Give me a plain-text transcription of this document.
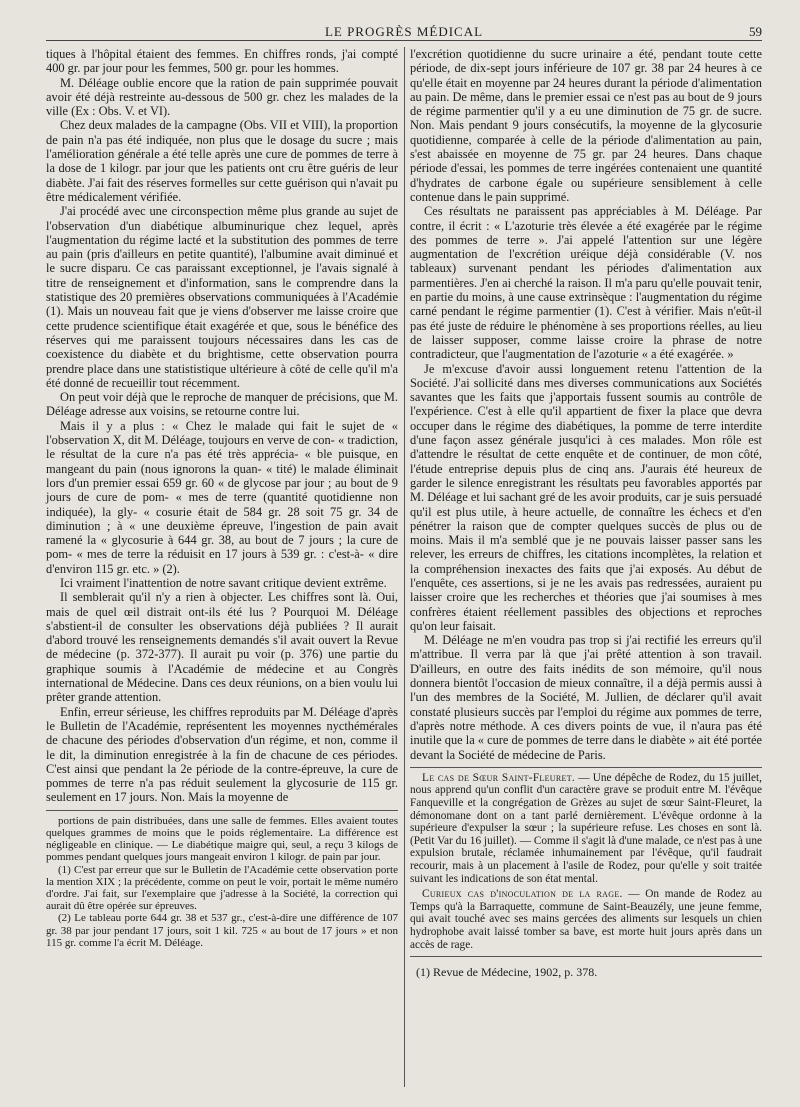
LE PROGRÈS MÉDICAL	59

tiques à l'hôpital étaient des femmes. En chiffres ronds, j'ai compté 400 gr. par jour pour les femmes, 500 gr. pour les hommes.

M. Déléage oublie encore que la ration de pain supprimée pouvait avoir été déjà restreinte au-dessous de 500 gr. chez les malades de la ville (Ex : Obs. V. et VI).

Chez deux malades de la campagne (Obs. VII et VIII), la proportion de pain n'a pas été indiquée, non plus que le dosage du sucre ; mais l'amélioration générale a été telle après une cure de pommes de terre à la dose de 1 kilogr. par jour que les patients ont cru être guéris de leur diabète. J'ai fait des réserves formelles sur cette guérison qui n'avait pu être médicalement vérifiée.

J'ai procédé avec une circonspection même plus grande au sujet de l'observation d'un diabétique albuminurique chez lequel, après l'augmentation du régime lacté et la substitution des pommes de terre au pain (pris d'ailleurs en petite quantité), l'albumine avait diminué et le sucre disparu. Ce cas paraissant exceptionnel, je l'avais signalé à titre de renseignement et d'information, sans le comprendre dans la statistique des 20 premières observations communiquées à l'Académie (1). Mais un nouveau fait que je viens d'observer me laisse croire que cette prudence scientifique était exagérée et que, sous le bénéfice des réserves qui me paraissent toujours nécessaires dans les cas de coexistence du diabète et du brightisme, cette observation pourra prendre place dans une statististique ultérieure à côté de celle qu'il m'a été donné de recueillir tout récemment.

On peut voir déjà que le reproche de manquer de précisions, que M. Déléage adresse aux voisins, se retourne contre lui.

Mais il y a plus : « Chez le malade qui fait le sujet de « l'observation X, dit M. Déléage, toujours en verve de con- « tradiction, le résultat de la cure n'a pas été très apprécia- « ble puisque, en mangeant du pain (nous ignorons la quan- « tité) le malade éliminait lors d'un premier essai 659 gr. 60 « de glycose par jour ; au bout de 9 jours de cure de pom- « mes de terre (quantité quotidienne non indiquée), la gly- « cosurie était de 584 gr. 28 soit 75 gr. 34 de diminution ; à « une deuxième épreuve, l'ingestion de pain avait ramené la « glycosurie à 644 gr. 38, au bout de 7 jours ; la cure de pom- « mes de terre la réduisit en 17 jours à 539 gr. : c'est-à- « dire d'environ 115 gr. etc. » (2).

Ici vraiment l'inattention de notre savant critique devient extrême.

Il semblerait qu'il n'y a rien à objecter. Les chiffres sont là. Oui, mais de quel œil distrait ont-ils été lus ? Pourquoi M. Déléage s'abstient-il de consulter les observations déjà publiées ? Il aurait d'abord trouvé les renseignements demandés s'il avait ouvert la Revue de médecine (p. 372-377). Il aurait pu voir (p. 376) une partie du graphique soumis à l'Académie de médecine et au Congrès international de Médecine. Dans ces deux réunions, on a bien voulu lui prêter grande attention.

Enfin, erreur sérieuse, les chiffres reproduits par M. Déléage d'après le Bulletin de l'Académie, représentent les moyennes nycthémérales de chacune des périodes d'observation d'un régime, et non, comme il le dit, la diminution enregistrée à la fin de chacune de ces périodes. C'est ainsi que pendant la 2e période de la contre-épreuve, la cure de pommes de terre n'a pas réduit seulement la glycosurie de 115 gr. seulement en 17 jours. Non. Mais la moyenne de

portions de pain distribuées, dans une salle de femmes. Elles avaient toutes quelques grammes de moins que le poids réglementaire. La différence est négligeable en clinique. — Le diabétique maigre qui, seul, a reçu 3 kilogs de pommes pendant quelques jours mangeait environ 1 kilogr. de pain par jour.

(1) C'est par erreur que sur le Bulletin de l'Académie cette observation porte la mention XIX ; la précédente, comme on peut le voir, portait le même numéro d'ordre. J'ai fait, sur l'exemplaire que j'adresse à la Société, la correction qui aurait dû être opérée sur épreuves.

(2) Le tableau porte 644 gr. 38 et 537 gr., c'est-à-dire une différence de 107 gr. 38 par jour pendant 17 jours, soit 1 kil. 725 « au bout de 17 jours » et non 115 gr. comme l'a écrit M. Déléage.

l'excrétion quotidienne du sucre urinaire a été, pendant toute cette période, de dix-sept jours inférieure de 107 gr. 38 par 24 heures à ce qu'elle était en moyenne par 24 heures durant la période d'alimentation au pain. De même, dans le premier essai ce n'est pas au bout de 9 jours de régime parmentier qu'il y a eu une diminution de 75 gr. de sucre. Non. Mais pendant 9 jours consécutifs, la moyenne de la glycosurie quotidienne, comparée à celle de la période d'alimentation au pain, s'est abaissée en moyenne de 75 gr. par 24 heures. Dans chaque période d'essai, les pommes de terre ingérées contenaient une quantité d'hydrates de carbone égale ou supérieure sensiblement à celle contenue dans le pain supprimé.

Ces résultats ne paraissent pas appréciables à M. Déléage. Par contre, il écrit : « L'azoturie très élevée a été exagérée par le régime des pommes de terre ». J'ai appelé l'attention sur une légère augmentation de l'excrétion uréique déjà considérable (V. nos tableaux) survenant pendant les périodes d'alimentation aux parmentières. J'en ai cherché la raison. Il m'a paru qu'elle pouvait tenir, en partie du moins, à une cause extrinsèque : l'augmentation du régime carné pendant le régime parmentier (1). C'est à vérifier. Mais n'eût-il pas été juste de réduire le phénomène à ses proportions réelles, au lieu de laisser supposer, comme laisse croire la phrase de notre contradicteur, que l'augmentation de l'azoturie « a été exagérée. »

Je m'excuse d'avoir aussi longuement retenu l'attention de la Société. J'ai sollicité dans mes diverses communications aux Sociétés savantes que les faits que j'apportais fussent soumis au contrôle de l'expérience. C'est à elle qu'il appartient de fixer la place que devra occuper dans le régime des diabétiques, la pomme de terre interdite d'une façon assez générale jusqu'ici à ces malades. Mon rôle est d'attendre le résultat de cette enquête et de continuer, de mon côté, l'étude entreprise depuis plus de cinq ans. J'aurais été heureux de garder le silence enregistrant les résultats peu favorables apportés par M. Déléage et lui sachant gré de les avoir produits, car je suis persuadé qu'il est plus utile, à heure actuelle, de connaître les échecs et d'en pénétrer la raison que de compter quelques succès de plus ou de moins. Mais il m'a semblé que je ne pouvais laisser passer sans les relever, les erreurs de chiffres, les citations incomplètes, la relation et la compréhension inexactes des faits que j'ai exposés. Au début de l'enquête, ces assertions, si je ne les avais pas redressées, auraient pu laisser croire que les recherches et théories que j'ai soumises à mes confrères étaient réellement passibles des objections et reproches qu'on leur faisait.

M. Déléage ne m'en voudra pas trop si j'ai rectifié les erreurs qu'il m'attribue. Il verra par là que j'ai prêté attention à son travail. D'ailleurs, en outre des faits inédits de son mémoire, qu'il nous donnera bientôt l'occasion de mieux connaître, il a déjà permis aussi à l'un des membres de la Société, M. Jullien, de déclarer qu'il avait constaté plusieurs succès par l'emploi du régime aux pommes de terre, d'après notre méthode. A ces divers points de vue, il n'aura pas été inutile que la « cure de pommes de terre dans le diabète » ait été portée devant la Société de médecine de Paris.

Le cas de Sœur Saint-Fleuret. — Une dépêche de Rodez, du 15 juillet, nous apprend qu'un conflit d'un caractère grave se produit entre M. l'évêque Fanqueville et la congrégation de Grèzes au sujet de sœur Saint-Fleuret, la démonomane dont on a tant parlé dernièrement. L'évêque ordonne à la supérieure d'expulser la sœur ; la supérieure refuse. Les choses en sont là. (Petit Var du 16 juillet). — Comme il s'agit là d'une malade, ce n'est pas à une expulsion brutale, réclamée inhumainement par l'évêque, qu'il faudrait recourir, mais à un placement à l'asile de Rodez, pour qu'elle y soit traitée suivant les indications de son état mental.

Curieux cas d'inoculation de la rage. — On mande de Rodez au Temps qu'à la Barraquette, commune de Saint-Beauzély, une jeune femme, qui avait touché avec ses mains gercées des aliments sur lesquels un chien hydrophobe avait laissé tomber sa bave, est morte huit jours après dans un accès de rage.

(1) Revue de Médecine, 1902, p. 378.
